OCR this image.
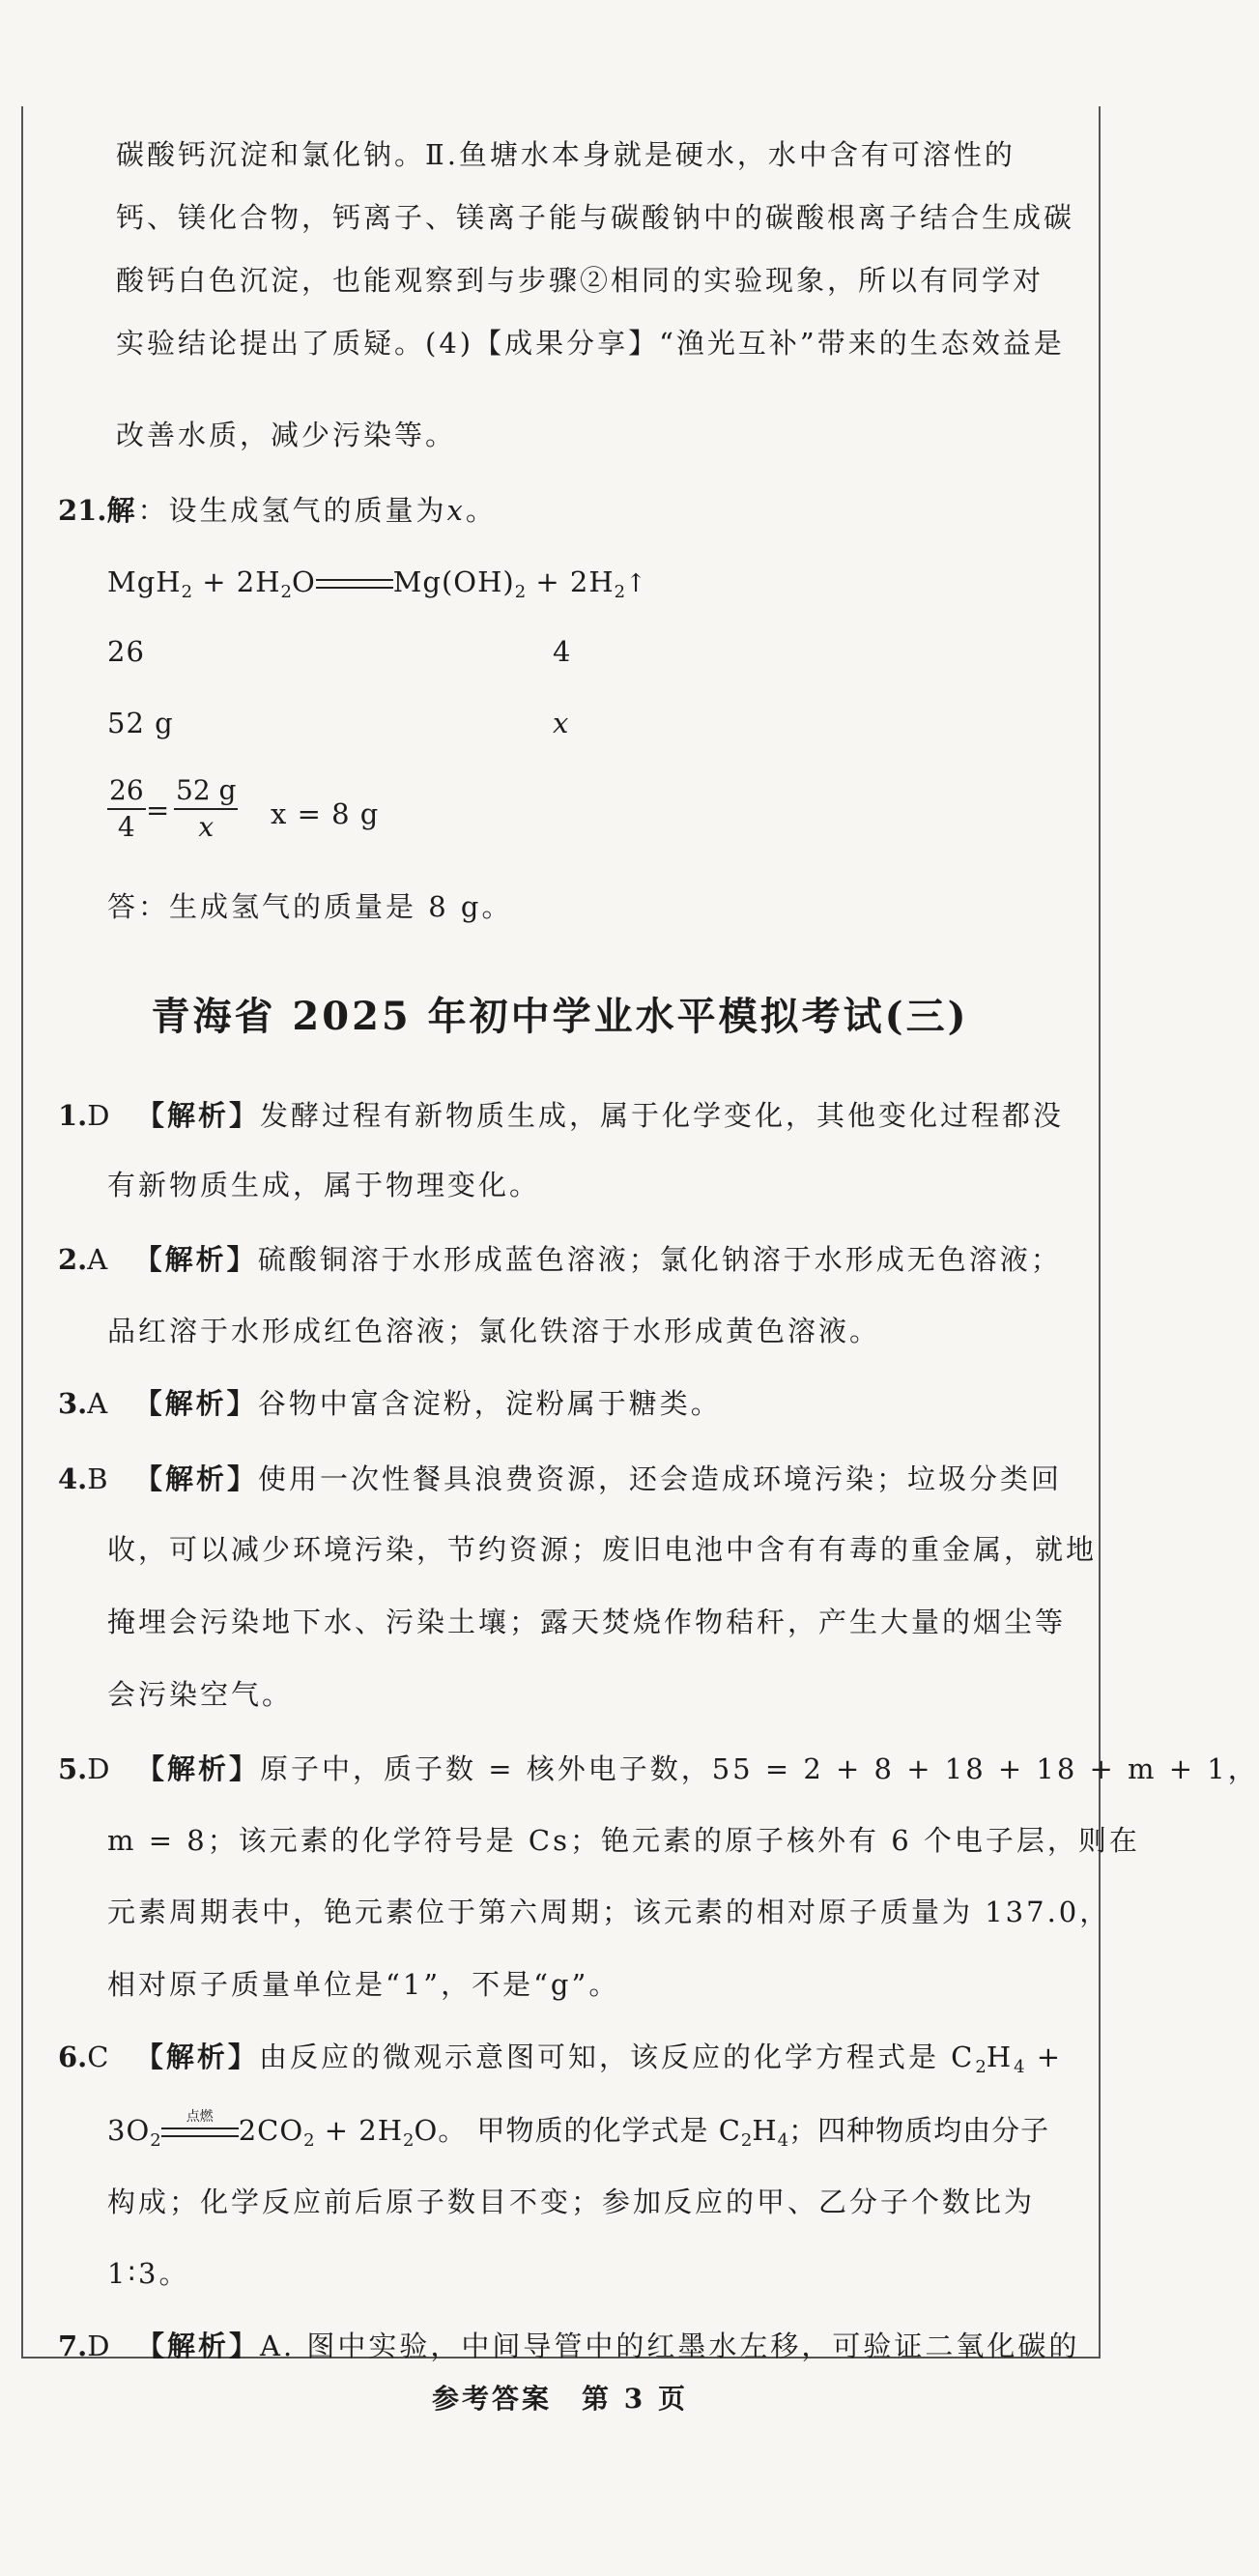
碳酸钙沉淀和氯化钠。Ⅱ.鱼塘水本身就是硬水，水中含有可溶性的
钙、镁化合物，钙离子、镁离子能与碳酸钠中的碳酸根离子结合生成碳
酸钙白色沉淀，也能观察到与步骤②相同的实验现象，所以有同学对
实验结论提出了质疑。(4)【成果分享】“渔光互补”带来的生态效益是
改善水质，减少污染等。
21.解：设生成氢气的质量为x。
$MgH_2 + 2H_2O$	$Mg(OH)_2$ + $2H_2↑$
26	4
52 g	x
26
4
=
52 g
x	x = 8 g
答：生成氢气的质量是 8 g。
青海省 2025 年初中学业水平模拟考试(三)
1.D 【解析】发酵过程有新物质生成，属于化学变化，其他变化过程都没
有新物质生成，属于物理变化。
2.A 【解析】硫酸铜溶于水形成蓝色溶液；氯化钠溶于水形成无色溶液；
品红溶于水形成红色溶液；氯化铁溶于水形成黄色溶液。
3.A 【解析】谷物中富含淀粉，淀粉属于糖类。
4.B 【解析】使用一次性餐具浪费资源，还会造成环境污染；垃圾分类回
收，可以减少环境污染，节约资源；废旧电池中含有有毒的重金属，就地
掩埋会污染地下水、污染土壤；露天焚烧作物秸秆，产生大量的烟尘等
会污染空气。
5.D 【解析】原子中，质子数 = 核外电子数，55 = 2 + 8 + 18 + 18 + m + 1，
m = 8；该元素的化学符号是 Cs；铯元素的原子核外有 6 个电子层，则在
元素周期表中，铯元素位于第六周期；该元素的相对原子质量为 137.0，
相对原子质量单位是“1”，不是“g”。
6.C 【解析】由反应的微观示意图可知，该反应的化学方程式是 $C_2H_4$ +
$3O_2$
点燃 $2CO_2 + 2H_2O$。 甲物质的化学式是 $C_2H_4$；四种物质均由分子
构成；化学反应前后原子数目不变；参加反应的甲、乙分子个数比为
1∶3。
7.D 【解析】A. 图中实验，中间导管中的红墨水左移，可验证二氧化碳的
参考答案　第 3 页
